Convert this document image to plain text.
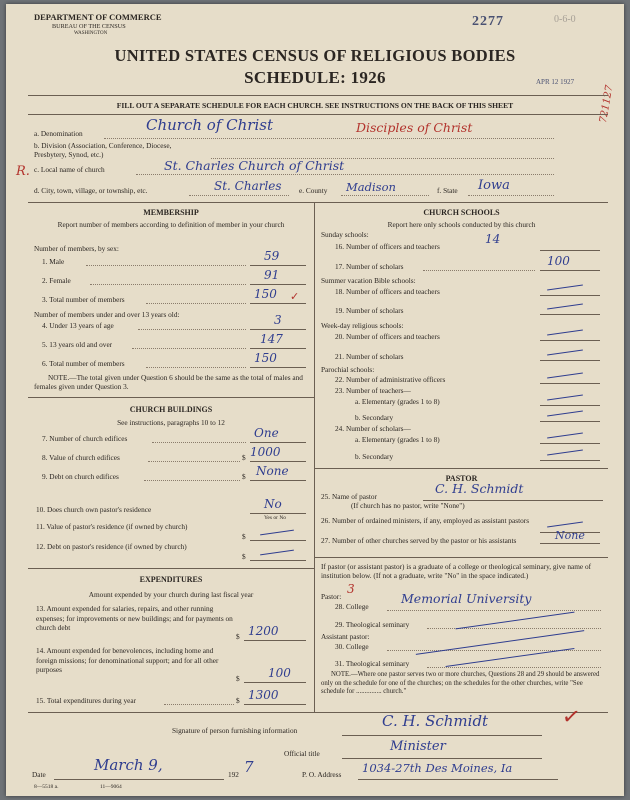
DEPARTMENT OF COMMERCE
BUREAU OF THE CENSUS
WASHINGTON
2277	0-6-0
UNITED STATES CENSUS OF RELIGIOUS BODIES
SCHEDULE: 1926	APR 12 1927
721127
FILL OUT A SEPARATE SCHEDULE FOR EACH CHURCH. SEE INSTRUCTIONS ON THE BACK OF THIS SHEET
a. Denomination	Church of Christ	Disciples of Christ
b. Division (Association, Conference, Diocese, Presbytery, Synod, etc.)
c. Local name of church	St. Charles Church of Christ
R.
d. City, town, village, or township, etc.	St. Charles e. County Madison	f. State Iowa
MEMBERSHIP
Report number of members according to definition of member in your church
Number of members, by sex:
1. Male	59
2. Female	91
3. Total number of members	150 ✓
Number of members under and over 13 years old:
4. Under 13 years of age	3
5. 13 years old and over	147
6. Total number of members	150
NOTE.—The total given under Question 6 should be the same as the total of males and females given under Question 3.
CHURCH BUILDINGS
See instructions, paragraphs 10 to 12
7. Number of church edifices	One
8. Value of church edifices	$ 1000
9. Debt on church edifices	$ None
10. Does church own pastor's residence	No
Yes or No
11. Value of pastor's residence (if owned by church)
$
12. Debt on pastor's residence (if owned by church)
$
EXPENDITURES
Amount expended by your church during last fiscal year
13. Amount expended for salaries, repairs, and other running expenses; for improvements or new buildings; and for payments on church debt
$ 1200
14. Amount expended for benevolences, including home and foreign missions; for denominational support; and for all other purposes
$ 100
15. Total expenditures during year	$ 1300
CHURCH SCHOOLS
Report here only schools conducted by this church
Sunday schools:
16. Number of officers and teachers
14
17. Number of scholars	100
Summer vacation Bible schools:
18. Number of officers and teachers
19. Number of scholars
Week-day religious schools:
20. Number of officers and teachers
21. Number of scholars
Parochial schools:
22. Number of administrative officers
23. Number of teachers—
a. Elementary (grades 1 to 8)
b. Secondary
24. Number of scholars—
a. Elementary (grades 1 to 8)
b. Secondary
PASTOR
25. Name of pastor
(If church has no pastor, write "None")
C. H. Schmidt
26. Number of ordained ministers, if any, employed as assistant pastors
27. Number of other churches served by the pastor or his assistants	None
If pastor (or assistant pastor) is a graduate of a college or theological seminary, give name of institution below. (If not a graduate, write "No" in the space indicated.)
Pastor:
3
28. College
Memorial University
29. Theological seminary
Assistant pastor:
30. College
31. Theological seminary
NOTE.—Where one pastor serves two or more churches, Questions 28 and 29 should be answered only on the schedule for one of the churches; on the schedules for the other churches, write "See schedule for ............... church."
Signature of person furnishing information
C. H. Schmidt	✓
Official title	Minister
Date
March 9,
192 7	P. O. Address 1034-27th Des Moines, Ia
8—5518 a.	11—9064
